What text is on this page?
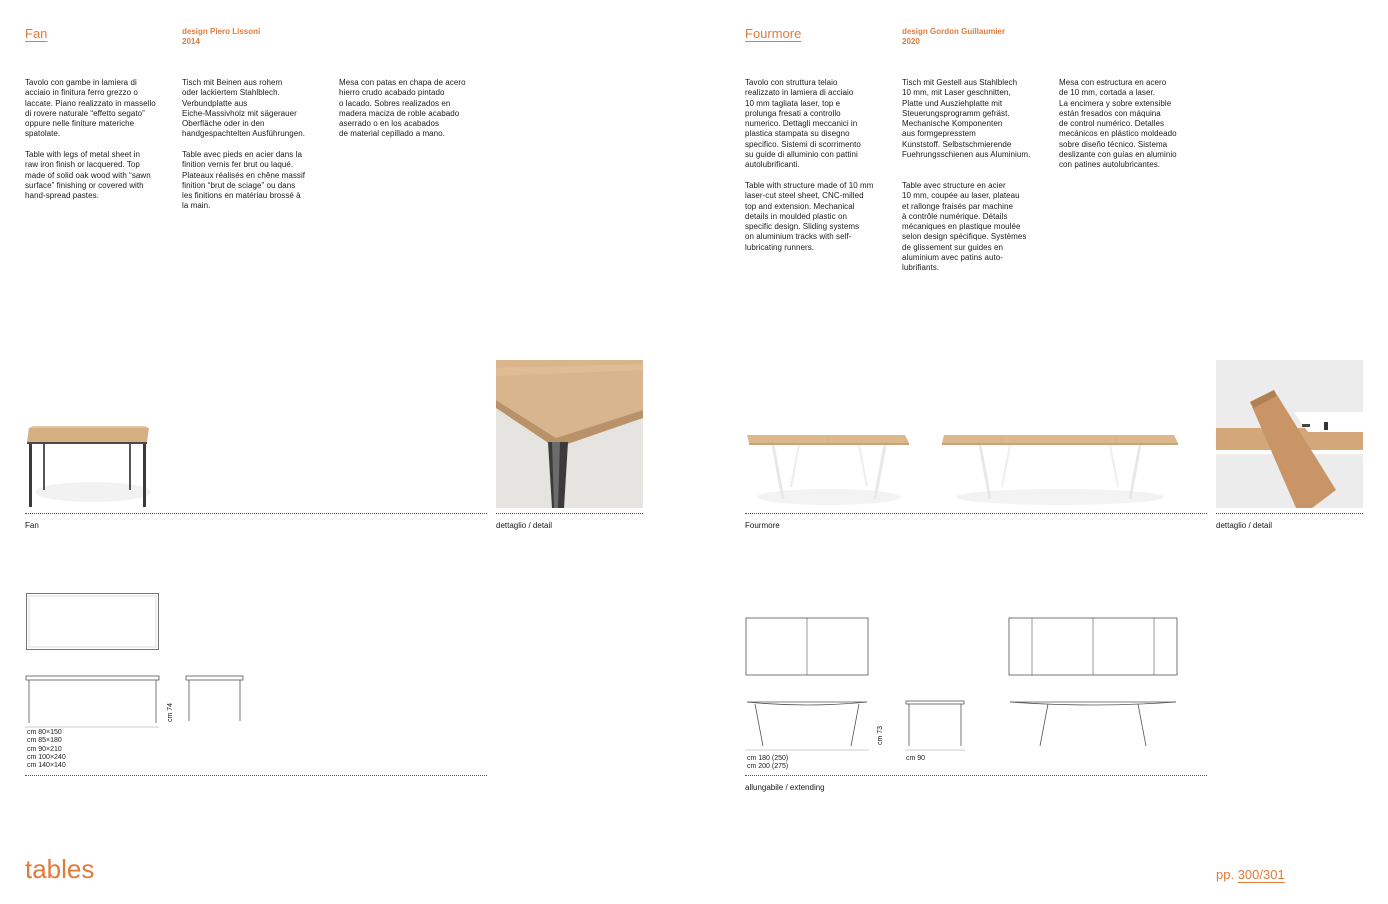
Fan	design Piero Lissoni
2014
Tavolo con gambe in lamiera di
acciaio in finitura ferro grezzo o
laccate. Piano realizzato in massello
di rovere naturale “effetto segato”
oppure nelle finiture materiche
spatolate.
Table with legs of metal sheet in
raw iron finish or lacquered. Top
made of solid oak wood with “sawn
surface” finishing or covered with
hand-spread pastes.
Tisch mit Beinen aus rohem
oder lackiertem Stahlblech.
Verbundplatte aus
Eiche-Massivholz mit sägerauer
Oberfläche oder in den
handgespachtelten Ausführungen.
Table avec pieds en acier dans la
finition vernis fer brut ou laqué.
Plateaux réalisés en chêne massif
finition “brut de sciage” ou dans
les finitions en matériau brossé à
la main.
Mesa con patas en chapa de acero
hierro crudo acabado pintado
o lacado. Sobres realizados en
madera maciza de roble acabado
aserrado o en los acabados
de material cepillado a mano.
Fan	dettaglio / detail
cm 74
cm 80×150
cm 85×180
cm 90×210
cm 100×240
cm 140×140
tables
Fourmore	design Gordon Guillaumier
2020
Tavolo con struttura telaio
realizzato in lamiera di acciaio
10 mm tagliata laser, top e
prolunga fresati a controllo
numerico. Dettagli meccanici in
plastica stampata su disegno
specifico. Sistemi di scorrimento
su guide di alluminio con pattini
autolubrificanti.
Table with structure made of 10 mm
laser-cut steel sheet, CNC-milled
top and extension. Mechanical
details in moulded plastic on
specific design. Sliding systems
on aluminium tracks with self-
lubricating runners.
Tisch mit Gestell aus Stahlblech
10 mm, mit Laser geschnitten,
Platte und Ausziehplatte mit
Steuerungsprogramm gefräst.
Mechanische Komponenten
aus formgepresstem
Kunststoff. Selbstschmierende
Fuehrungsschienen aus Aluminium.
Table avec structure en acier
10 mm, coupée au laser, plateau
et rallonge fraisés par machine
à contrôle numérique. Détails
mécaniques en plastique moulée
selon design spécifique. Systèmes
de glissement sur guides en
aluminium avec patins auto-
lubrifiants.
Mesa con estructura en acero
de 10 mm, cortada a laser.
La encimera y sobre extensible
están fresados con máquina
de control numérico. Detalles
mecánicos en plástico moldeado
sobre diseño técnico. Sistema
deslizante con guías en aluminio
con patines autolubricantes.
Fourmore	dettaglio / detail
cm 73
cm 180 (250)
cm 200 (275)
cm 90
allungabile / extending
pp. 300/301
